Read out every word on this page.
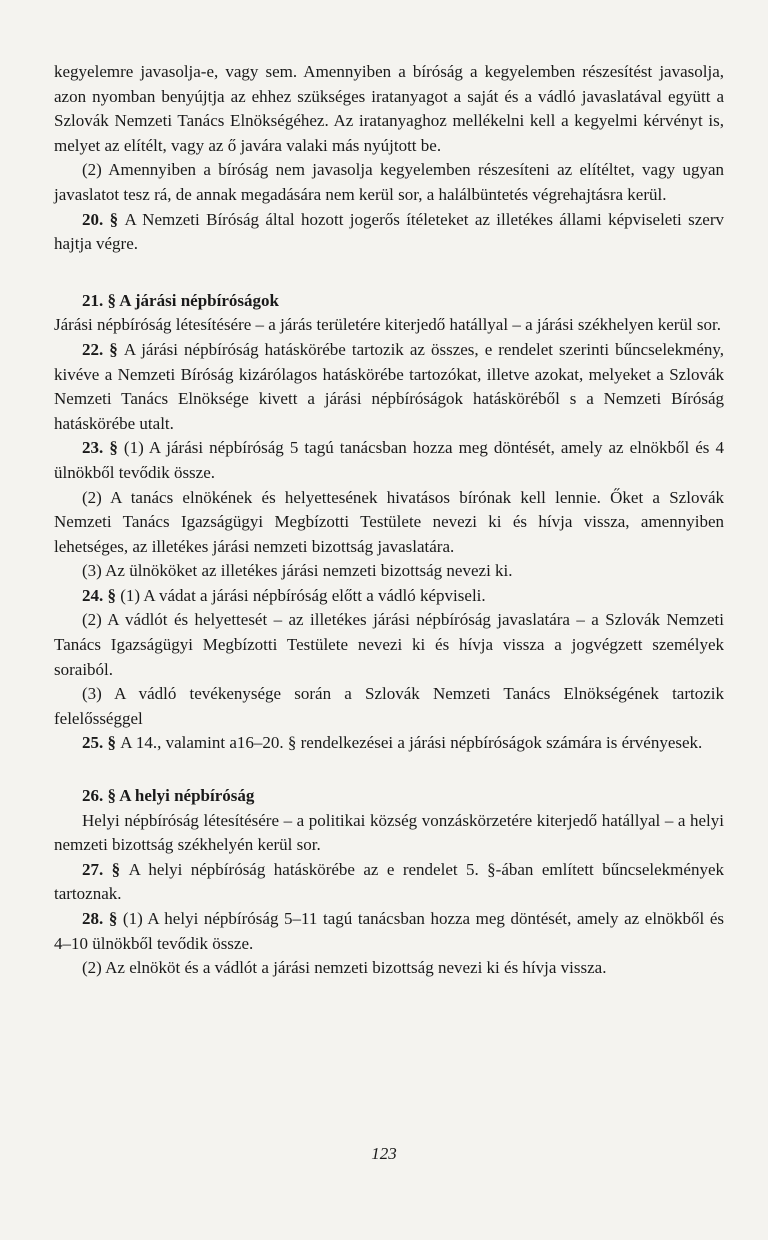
kegyelemre javasolja-e, vagy sem. Amennyiben a bíróság a kegyelemben részesítést javasolja, azon nyomban benyújtja az ehhez szükséges iratanyagot a saját és a vádló javaslatával együtt a Szlovák Nemzeti Tanács Elnökségéhez. Az iratanyaghoz mellékelni kell a kegyelmi kérvényt is, melyet az elítélt, vagy az ő javára valaki más nyújtott be.

(2) Amennyiben a bíróság nem javasolja kegyelemben részesíteni az elítéltet, vagy ugyan javaslatot tesz rá, de annak megadására nem kerül sor, a halálbüntetés végrehajtásra kerül.

20. § A Nemzeti Bíróság által hozott jogerős ítéleteket az illetékes állami képviseleti szerv hajtja végre.

21. § A járási népbíróságok

Járási népbíróság létesítésére – a járás területére kiterjedő hatállyal – a járási székhelyen kerül sor.

22. § A járási népbíróság hatáskörébe tartozik az összes, e rendelet szerinti bűncselekmény, kivéve a Nemzeti Bíróság kizárólagos hatáskörébe tartozókat, illetve azokat, melyeket a Szlovák Nemzeti Tanács Elnöksége kivett a járási népbíróságok hatásköréből s a Nemzeti Bíróság hatáskörébe utalt.

23. § (1) A járási népbíróság 5 tagú tanácsban hozza meg döntését, amely az elnökből és 4 ülnökből tevődik össze.

(2) A tanács elnökének és helyettesének hivatásos bírónak kell lennie. Őket a Szlovák Nemzeti Tanács Igazságügyi Megbízotti Testülete nevezi ki és hívja vissza, amennyiben lehetséges, az illetékes járási nemzeti bizottság javaslatára.

(3) Az ülnököket az illetékes járási nemzeti bizottság nevezi ki.

24. § (1) A vádat a járási népbíróság előtt a vádló képviseli.

(2) A vádlót és helyettesét – az illetékes járási népbíróság javaslatára – a Szlovák Nemzeti Tanács Igazságügyi Megbízotti Testülete nevezi ki és hívja vissza a jogvégzett személyek soraiból.

(3) A vádló tevékenysége során a Szlovák Nemzeti Tanács Elnökségének tartozik felelősséggel

25. § A 14., valamint a16–20. § rendelkezései a járási népbíróságok számára is érvényesek.

26. § A helyi népbíróság

Helyi népbíróság létesítésére – a politikai község vonzáskörzetére kiterjedő hatállyal – a helyi nemzeti bizottság székhelyén kerül sor.

27. § A helyi népbíróság hatáskörébe az e rendelet 5. §-ában említett bűncselekmények tartoznak.

28. § (1) A helyi népbíróság 5–11 tagú tanácsban hozza meg döntését, amely az elnökből és 4–10 ülnökből tevődik össze.

(2) Az elnököt és a vádlót a járási nemzeti bizottság nevezi ki és hívja vissza.

123
